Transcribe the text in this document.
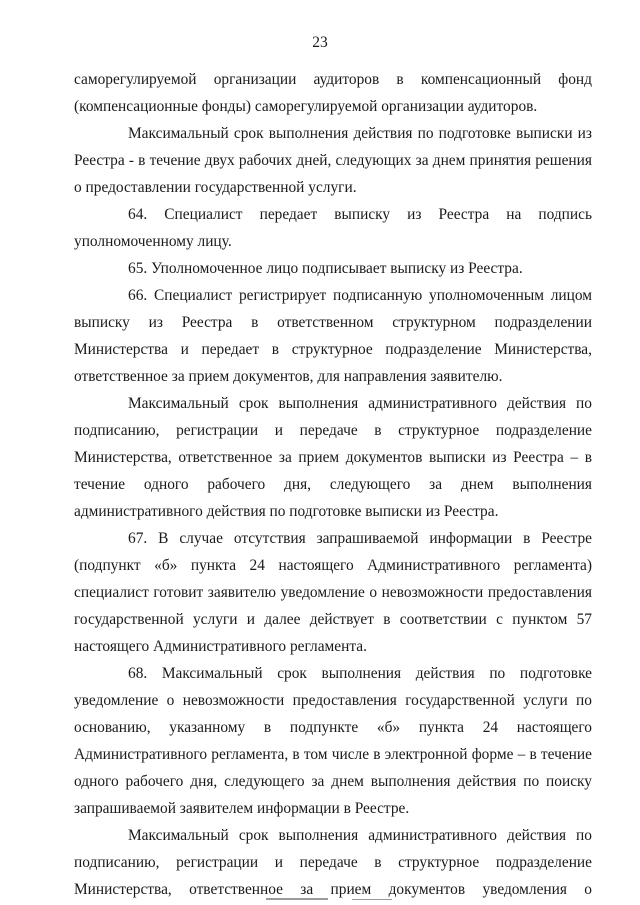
23

саморегулируемой организации аудиторов в компенсационный фонд (компенсационные фонды) саморегулируемой организации аудиторов.

Максимальный срок выполнения действия по подготовке выписки из Реестра - в течение двух рабочих дней, следующих за днем принятия решения о предоставлении государственной услуги.

64. Специалист передает выписку из Реестра на подпись уполномоченному лицу.

65. Уполномоченное лицо подписывает выписку из Реестра.

66. Специалист регистрирует подписанную уполномоченным лицом выписку из Реестра в ответственном структурном подразделении Министерства и передает в структурное подразделение Министерства, ответственное за прием документов, для направления заявителю.

Максимальный срок выполнения административного действия по подписанию, регистрации и передаче в структурное подразделение Министерства, ответственное за прием документов выписки из Реестра – в течение одного рабочего дня, следующего за днем выполнения административного действия по подготовке выписки из Реестра.

67. В случае отсутствия запрашиваемой информации в Реестре (подпункт «б» пункта 24 настоящего Административного регламента) специалист готовит заявителю уведомление о невозможности предоставления государственной услуги и далее действует в соответствии с пунктом 57 настоящего Административного регламента.

68. Максимальный срок выполнения действия по подготовке уведомление о невозможности предоставления государственной услуги по основанию, указанному в подпункте «б» пункта 24 настоящего Административного регламента, в том числе в электронной форме – в течение одного рабочего дня, следующего за днем выполнения действия по поиску запрашиваемой заявителем информации в Реестре.

Максимальный срок выполнения административного действия по подписанию, регистрации и передаче в структурное подразделение Министерства, ответственное за прием документов уведомления о
